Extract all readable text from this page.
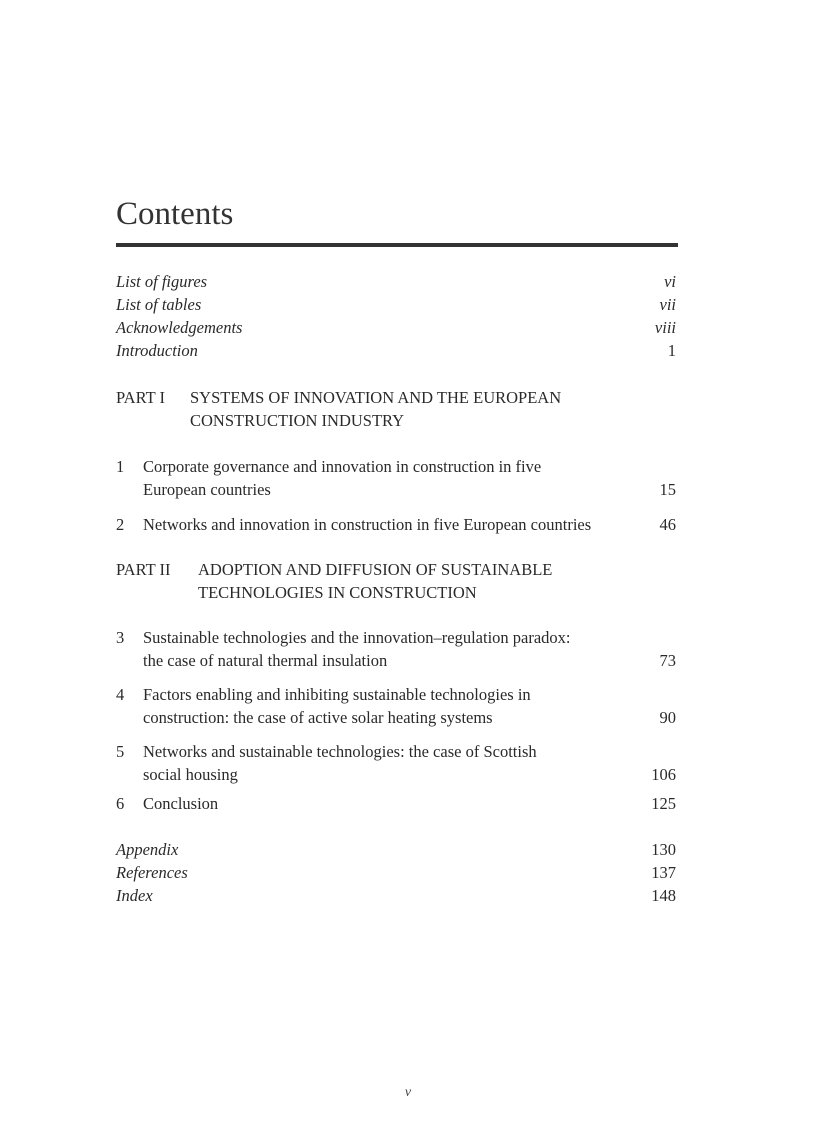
Contents
List of figures	vi
List of tables	vii
Acknowledgements	viii
Introduction	1
PART I SYSTEMS OF INNOVATION AND THE EUROPEAN
CONSTRUCTION INDUSTRY
1 Corporate governance and innovation in construction in five
European countries	15
2 Networks and innovation in construction in five European countries	46
PART II ADOPTION AND DIFFUSION OF SUSTAINABLE
TECHNOLOGIES IN CONSTRUCTION
3 Sustainable technologies and the innovation–regulation paradox:
the case of natural thermal insulation	73
4 Factors enabling and inhibiting sustainable technologies in
construction: the case of active solar heating systems	90
5 Networks and sustainable technologies: the case of Scottish
social housing	106
6 Conclusion	125
Appendix	130
References	137
Index	148
v
